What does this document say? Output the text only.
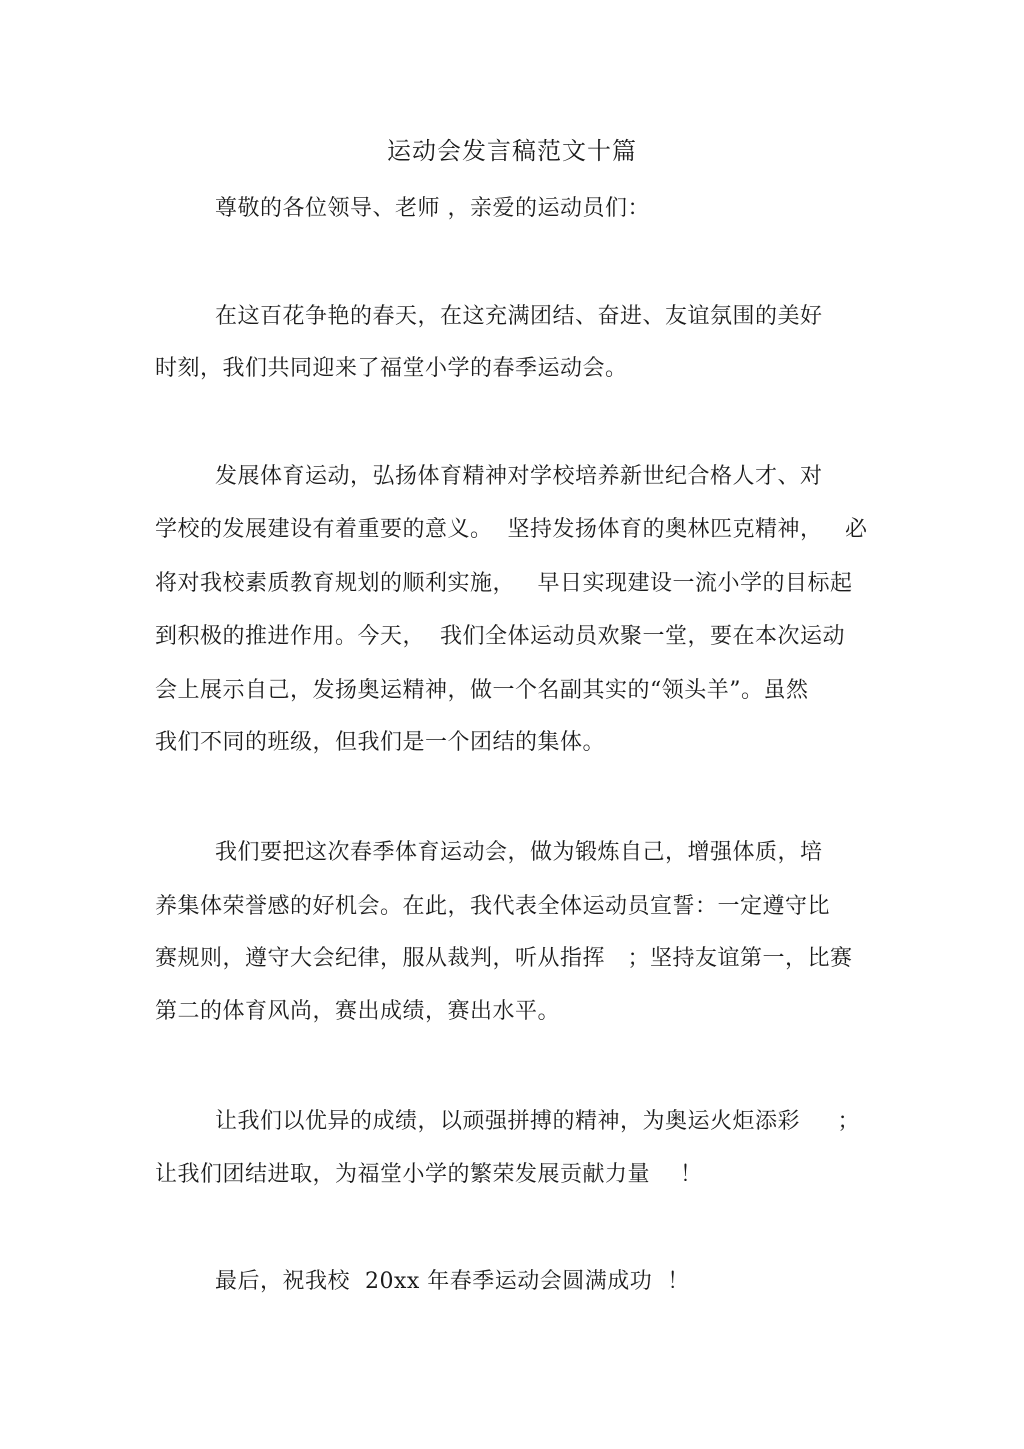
运动会发言稿范文十篇

尊敬的各位领导、老师 ，亲爱的运动员们：

在这百花争艳的春天，在这充满团结、奋进、友谊氛围的美好

时刻，我们共同迎来了福堂小学的春季运动会。

发展体育运动，弘扬体育精神对学校培养新世纪合格人才、对

学校的发展建设有着重要的意义。  坚持发扬体育的奥林匹克精神，   必

将对我校素质教育规划的顺利实施，   早日实现建设一流小学的目标起

到积极的推进作用。今天，  我们全体运动员欢聚一堂，要在本次运动

会上展示自己，发扬奥运精神，做一个名副其实的“领头羊”。虽然

我们不同的班级，但我们是一个团结的集体。

我们要把这次春季体育运动会，做为锻炼自己，增强体质，培

养集体荣誉感的好机会。在此，我代表全体运动员宣誓：一定遵守比

赛规则，遵守大会纪律，服从裁判，听从指挥   ；坚持友谊第一，比赛

第二的体育风尚，赛出成绩，赛出水平。

让我们以优异的成绩，以顽强拼搏的精神，为奥运火炬添彩     ；

让我们团结进取，为福堂小学的繁荣发展贡献力量    ！

最后，祝我校  20xx 年春季运动会圆满成功  ！
